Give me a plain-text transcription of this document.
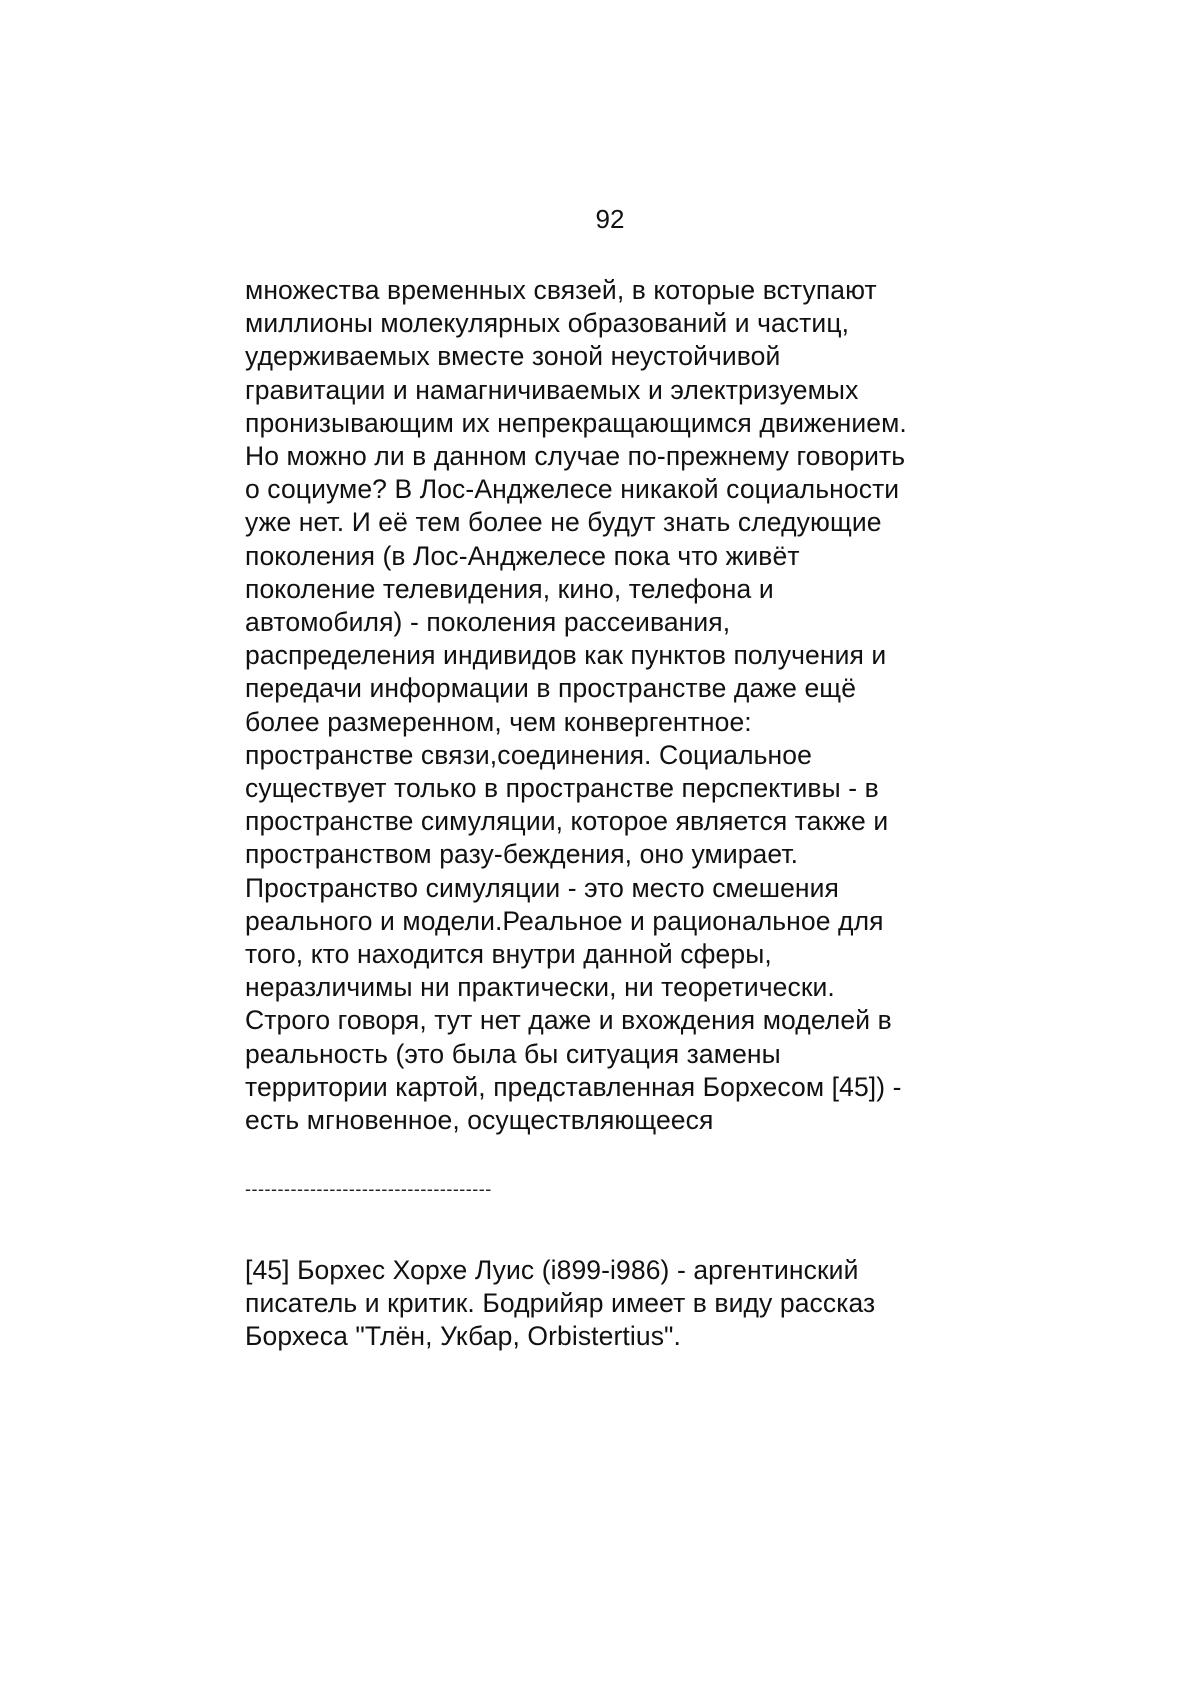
92
множества временных связей, в которые вступают
миллионы молекулярных образований и частиц,
удерживаемых вместе зоной неустойчивой
гравитации и намагничиваемых и электризуемых
пронизывающим их непрекращающимся движением.
Но можно ли в данном случае по-прежнему говорить
о социуме? В Лос-Анджелесе никакой социальности
уже нет. И её тем более не будут знать следующие
поколения (в Лос-Анджелесе пока что живёт
поколение телевидения, кино, телефона и
автомобиля) - поколения рассеивания,
распределения индивидов как пунктов получения и
передачи информации в пространстве даже ещё
более размеренном, чем конвергентное:
пространстве связи,соединения. Социальное
существует только в пространстве перспективы - в
пространстве симуляции, которое является также и
пространством разу-беждения, оно умирает.
Пространство симуляции - это место смешения
реального и модели.Реальное и рациональное для
того, кто находится внутри данной сферы,
неразличимы ни практически, ни теоретически.
Строго говоря, тут нет даже и вхождения моделей в
реальность (это была бы ситуация замены
территории картой, представленная Борхесом [45]) -
есть мгновенное, осуществляющееся
--------------------------------------
[45] Борхес Хорхе Луис (i899-i986) - аргентинский
писатель и критик. Бодрийяр имеет в виду рассказ
Борхеса "Тлён, Укбар, Orbistertius".
